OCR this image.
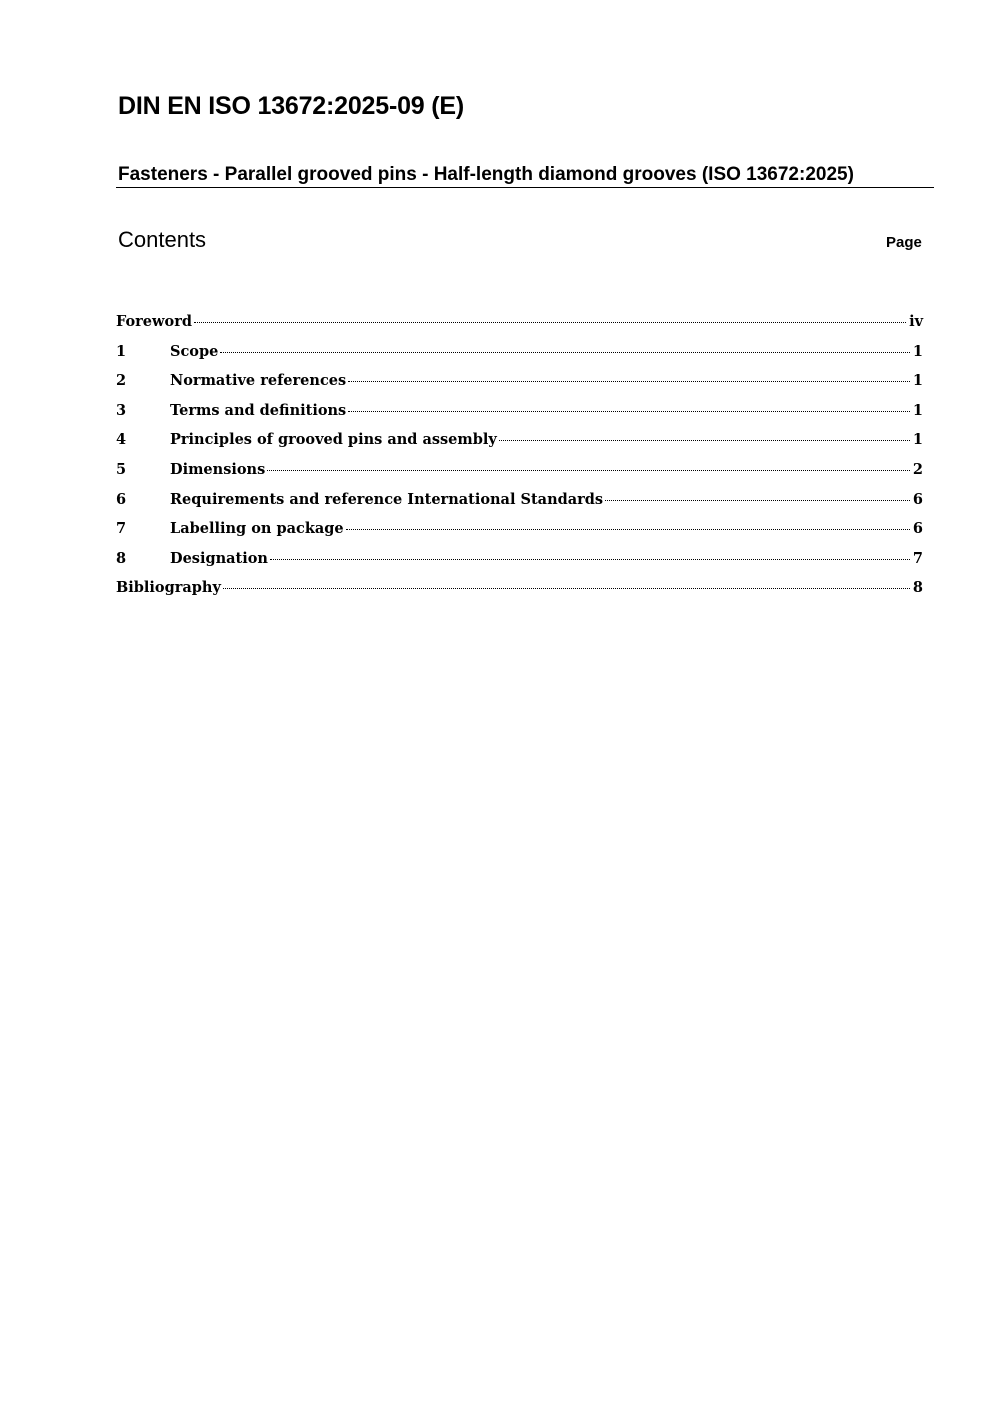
DIN EN ISO 13672:2025-09 (E)
Fasteners - Parallel grooved pins - Half-length diamond grooves (ISO 13672:2025)
Contents	Page
Foreword	iv
1	Scope	1
2	Normative references	1
3	Terms and definitions	1
4	Principles of grooved pins and assembly	1
5	Dimensions	2
6	Requirements and reference International Standards	6
7	Labelling on package	6
8	Designation	7
Bibliography	8
